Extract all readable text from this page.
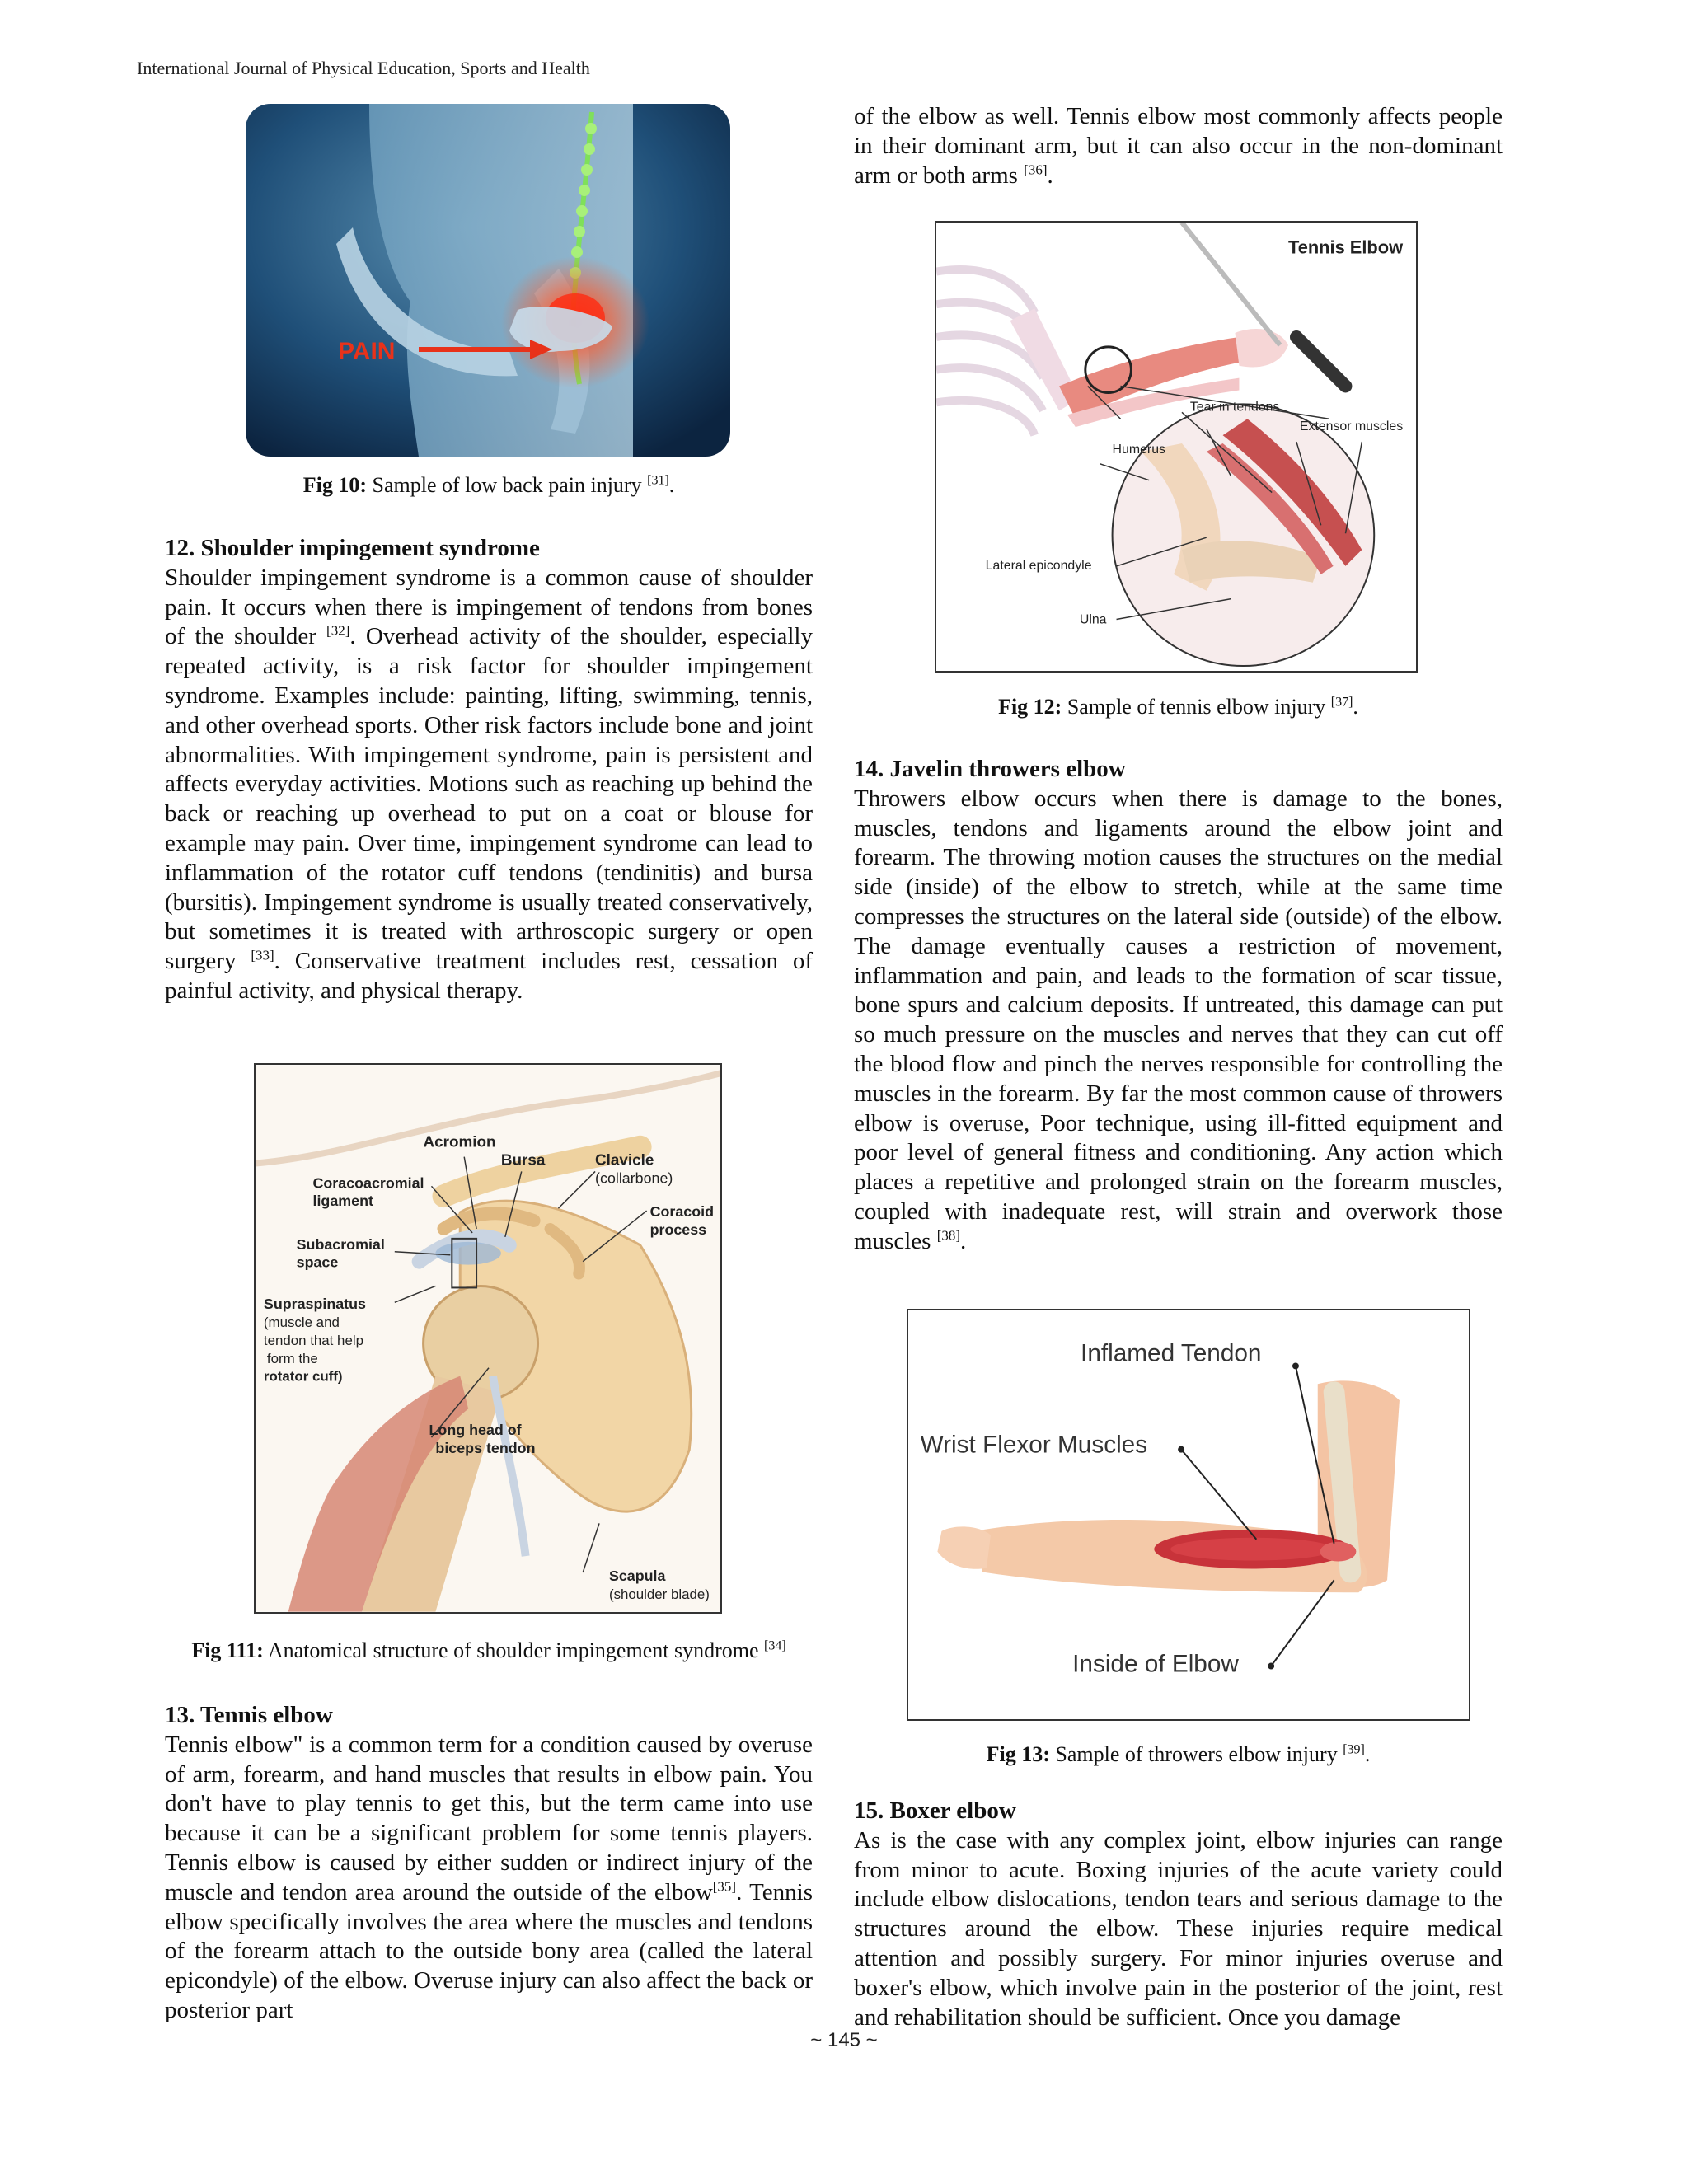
International Journal of Physical Education, Sports and Health
PAIN
Fig 10: Sample of low back pain injury [31].

12. Shoulder impingement syndrome

Shoulder impingement syndrome is a common cause of shoulder pain. It occurs when there is impingement of tendons from bones of the shoulder [32]. Overhead activity of the shoulder, especially repeated activity, is a risk factor for shoulder impingement syndrome. Examples include: painting, lifting, swimming, tennis, and other overhead sports. Other risk factors include bone and joint abnormalities. With impingement syndrome, pain is persistent and affects everyday activities. Motions such as reaching up behind the back or reaching up overhead to put on a coat or blouse for example may pain. Over time, impingement syndrome can lead to inflammation of the rotator cuff tendons (tendinitis) and bursa (bursitis). Impingement syndrome is usually treated conservatively, but sometimes it is treated with arthroscopic surgery or open surgery [33]. Conservative treatment includes rest, cessation of painful activity, and physical therapy.

Acromion
Bursa	Clavicle
(collarbone)
Coracoacromial
ligament
Coracoid
process
Subacromial
space
Supraspinatus
(muscle and
tendon that help
form the
rotator cuff)
Long head of
biceps tendon
Scapula
(shoulder blade)
Fig 111: Anatomical structure of shoulder impingement syndrome [34]

13. Tennis elbow

Tennis elbow" is a common term for a condition caused by overuse of arm, forearm, and hand muscles that results in elbow pain. You don't have to play tennis to get this, but the term came into use because it can be a significant problem for some tennis players. Tennis elbow is caused by either sudden or indirect injury of the muscle and tendon area around the outside of the elbow[35]. Tennis elbow specifically involves the area where the muscles and tendons of the forearm attach to the outside bony area (called the lateral epicondyle) of the elbow. Overuse injury can also affect the back or posterior part

of the elbow as well. Tennis elbow most commonly affects people in their dominant arm, but it can also occur in the non-dominant arm or both arms [36].

Tennis Elbow
Tear in tendons
Extensor muscles
Humerus
Lateral epicondyle
Ulna
Fig 12: Sample of tennis elbow injury [37].

14. Javelin throwers elbow

Throwers elbow occurs when there is damage to the bones, muscles, tendons and ligaments around the elbow joint and forearm. The throwing motion causes the structures on the medial side (inside) of the elbow to stretch, while at the same time compresses the structures on the lateral side (outside) of the elbow. The damage eventually causes a restriction of movement, inflammation and pain, and leads to the formation of scar tissue, bone spurs and calcium deposits. If untreated, this damage can put so much pressure on the muscles and nerves that they can cut off the blood flow and pinch the nerves responsible for controlling the muscles in the forearm. By far the most common cause of throwers elbow is overuse, Poor technique, using ill-fitted equipment and poor level of general fitness and conditioning. Any action which places a repetitive and prolonged strain on the forearm muscles, coupled with inadequate rest, will strain and overwork those muscles [38].

Inflamed Tendon
Wrist Flexor Muscles
Inside of Elbow
Fig 13: Sample of throwers elbow injury [39].

15. Boxer elbow

As is the case with any complex joint, elbow injuries can range from minor to acute. Boxing injuries of the acute variety could include elbow dislocations, tendon tears and serious damage to the structures around the elbow. These injuries require medical attention and possibly surgery. For minor injuries overuse and boxer's elbow, which involve pain in the posterior of the joint, rest and rehabilitation should be sufficient. Once you damage

~ 145 ~
